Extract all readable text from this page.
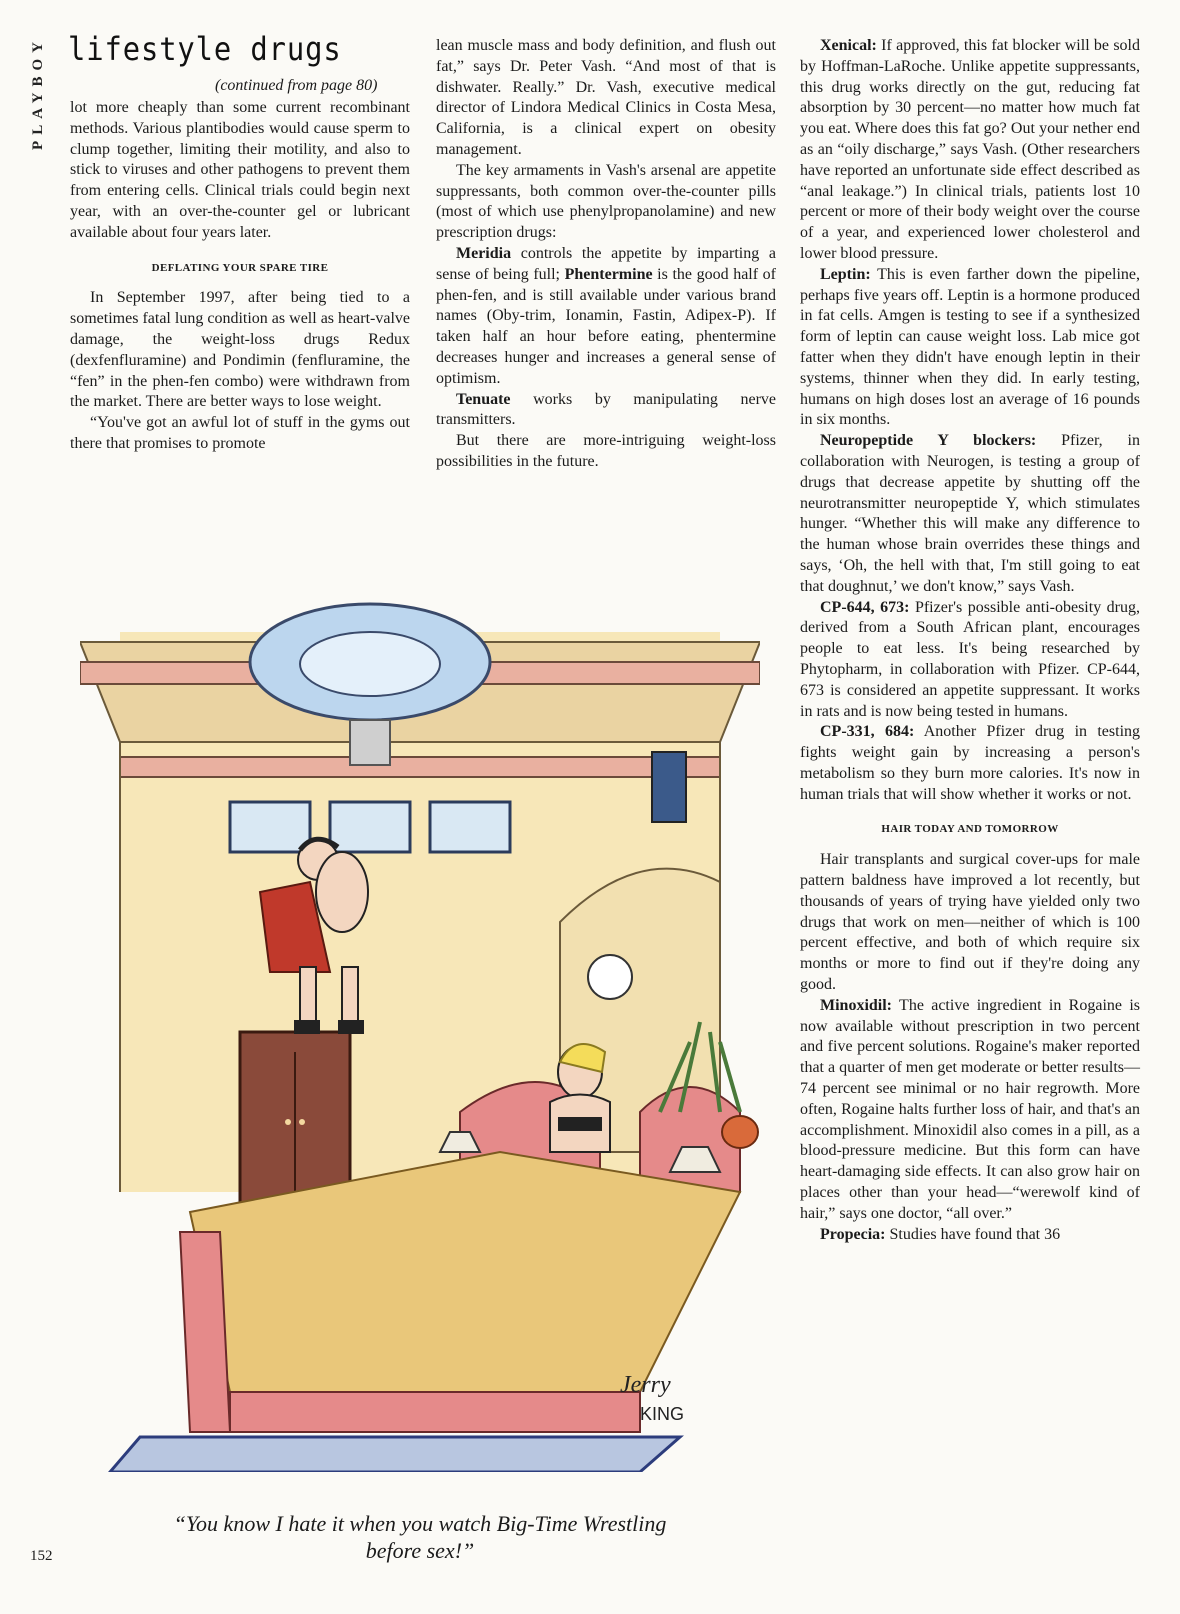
PLAYBOY lifestyle drugs
(continued from page 80)

lot more cheaply than some current recombinant methods. Various plantibodies would cause sperm to clump together, limiting their motility, and also to stick to viruses and other pathogens to prevent them from entering cells. Clinical trials could begin next year, with an over-the-counter gel or lubricant available about four years later.

DEFLATING YOUR SPARE TIRE

In September 1997, after being tied to a sometimes fatal lung condition as well as heart-valve damage, the weight-loss drugs Redux (dexfenfluramine) and Pondimin (fenfluramine, the “fen” in the phen-fen combo) were withdrawn from the market. There are better ways to lose weight.

“You've got an awful lot of stuff in the gyms out there that promises to promote

lean muscle mass and body definition, and flush out fat,” says Dr. Peter Vash. “And most of that is dishwater. Really.” Dr. Vash, executive medical director of Lindora Medical Clinics in Costa Mesa, California, is a clinical expert on obesity management.

The key armaments in Vash's arsenal are appetite suppressants, both common over-the-counter pills (most of which use phenylpropanolamine) and new prescription drugs:

Meridia controls the appetite by imparting a sense of being full; Phentermine is the good half of phen-fen, and is still available under various brand names (Oby-trim, Ionamin, Fastin, Adipex-P). If taken half an hour before eating, phentermine decreases hunger and increases a general sense of optimism.

Tenuate works by manipulating nerve transmitters.

But there are more-intriguing weight-loss possibilities in the future.

Xenical: If approved, this fat blocker will be sold by Hoffman-LaRoche. Unlike appetite suppressants, this drug works directly on the gut, reducing fat absorption by 30 percent—no matter how much fat you eat. Where does this fat go? Out your nether end as an “oily discharge,” says Vash. (Other researchers have reported an unfortunate side effect described as “anal leakage.”) In clinical trials, patients lost 10 percent or more of their body weight over the course of a year, and experienced lower cholesterol and lower blood pressure.

Leptin: This is even farther down the pipeline, perhaps five years off. Leptin is a hormone produced in fat cells. Amgen is testing to see if a synthesized form of leptin can cause weight loss. Lab mice got fatter when they didn't have enough leptin in their systems, thinner when they did. In early testing, humans on high doses lost an average of 16 pounds in six months.

Neuropeptide Y blockers: Pfizer, in collaboration with Neurogen, is testing a group of drugs that decrease appetite by shutting off the neurotransmitter neuropeptide Y, which stimulates hunger. “Whether this will make any difference to the human whose brain overrides these things and says, ‘Oh, the hell with that, I'm still going to eat that doughnut,’ we don't know,” says Vash.

CP-644, 673: Pfizer's possible anti-obesity drug, derived from a South African plant, encourages people to eat less. It's being researched by Phytopharm, in collaboration with Pfizer. CP-644, 673 is considered an appetite suppressant. It works in rats and is now being tested in humans.

CP-331, 684: Another Pfizer drug in testing fights weight gain by increasing a person's metabolism so they burn more calories. It's now in human trials that will show whether it works or not.

HAIR TODAY AND TOMORROW

Hair transplants and surgical cover-ups for male pattern baldness have improved a lot recently, but thousands of years of trying have yielded only two drugs that work on men—neither of which is 100 percent effective, and both of which require six months or more to find out if they're doing any good.

Minoxidil: The active ingredient in Rogaine is now available without prescription in two percent and five percent solutions. Rogaine's maker reported that a quarter of men get moderate or better results—74 percent see minimal or no hair regrowth. More often, Rogaine halts further loss of hair, and that's an accomplishment. Minoxidil also comes in a pill, as a blood-pressure medicine. But this form can have heart-damaging side effects. It can also grow hair on places other than your head—“werewolf kind of hair,” says one doctor, “all over.”

Propecia: Studies have found that 36

Jerry
KING
“You know I hate it when you watch Big-Time Wrestling before sex!”
152
